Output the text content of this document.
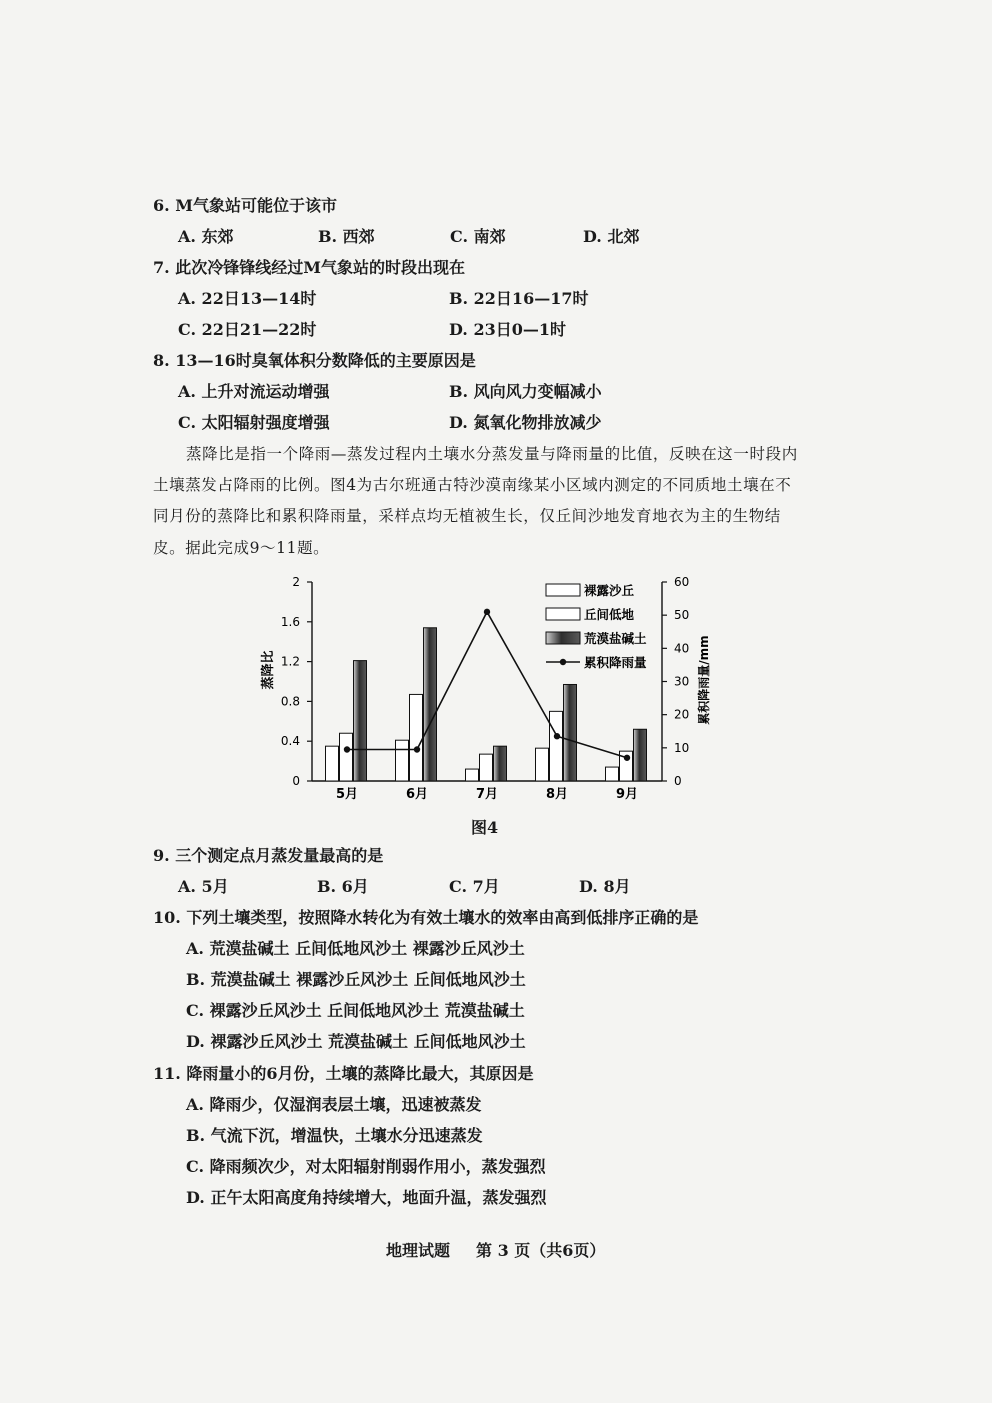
6. M气象站可能位于该市
A. 东郊	B. 西郊	C. 南郊	D. 北郊
7. 此次冷锋锋线经过M气象站的时段出现在
A. 22日13—14时	B. 22日16—17时
C. 22日21—22时	D. 23日0—1时
8. 13—16时臭氧体积分数降低的主要原因是
A. 上升对流运动增强	B. 风向风力变幅减小
C. 太阳辐射强度增强	D. 氮氧化物排放减少
蒸降比是指一个降雨—蒸发过程内土壤水分蒸发量与降雨量的比值，反映在这一时段内
土壤蒸发占降雨的比例。图4为古尔班通古特沙漠南缘某小区域内测定的不同质地土壤在不
同月份的蒸降比和累积降雨量，采样点均无植被生长，仅丘间沙地发育地衣为主的生物结
皮。据此完成9～11题。
蒸降比	累积降雨量/mm
0
0.4
0.8
1.2
1.6
2
0
10
20
30
40
50
60
5月	6月	7月	8月	9月
裸露沙丘
丘间低地
荒漠盐碱土
累积降雨量
图4
9. 三个测定点月蒸发量最高的是
A. 5月	B. 6月	C. 7月	D. 8月
10. 下列土壤类型，按照降水转化为有效土壤水的效率由高到低排序正确的是
A. 荒漠盐碱土 丘间低地风沙土 裸露沙丘风沙土
B. 荒漠盐碱土 裸露沙丘风沙土 丘间低地风沙土
C. 裸露沙丘风沙土 丘间低地风沙土 荒漠盐碱土
D. 裸露沙丘风沙土 荒漠盐碱土 丘间低地风沙土
11. 降雨量小的6月份，土壤的蒸降比最大，其原因是
A. 降雨少，仅湿润表层土壤，迅速被蒸发
B. 气流下沉，增温快，土壤水分迅速蒸发
C. 降雨频次少，对太阳辐射削弱作用小，蒸发强烈
D. 正午太阳高度角持续增大，地面升温，蒸发强烈
地理试题 第 3 页（共6页）
